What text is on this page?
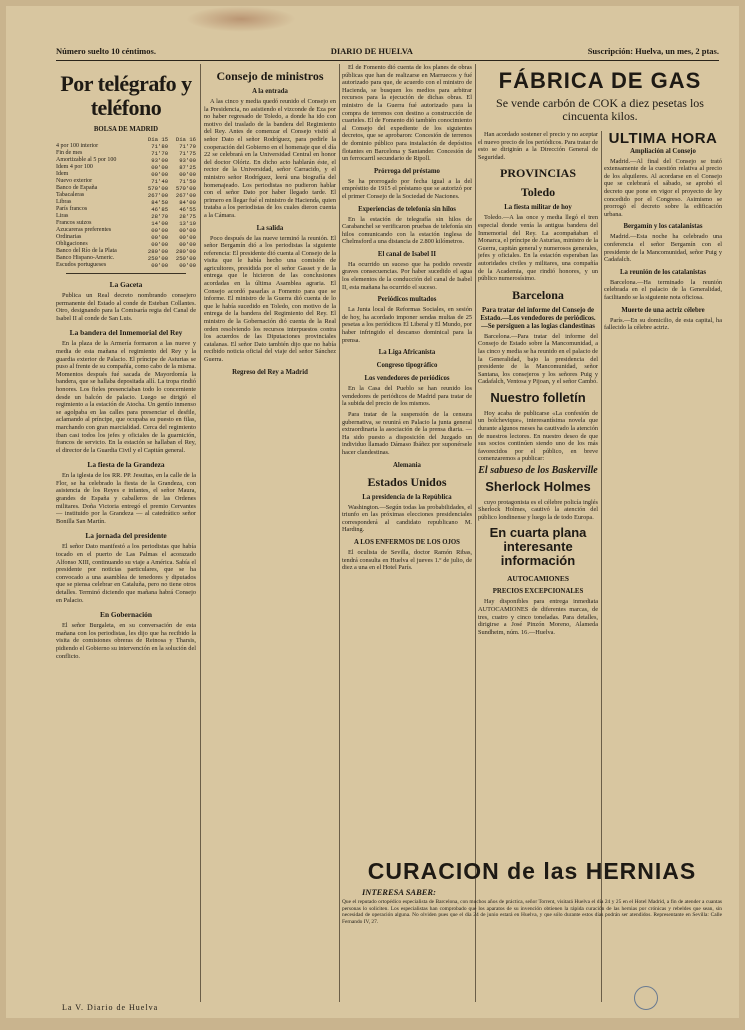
Número suelto 10 céntimos.	DIARIO DE HUELVA	Suscripción: Huelva, un mes, 2 ptas.
Por telégrafo y teléfono
BOLSA DE MADRID
	Día 15	Día 16
4 por 100 interior	71'80	71'70
Fin de mes	71'70	71'75
Amortizable al 5 por 100	93'00	93'00
Idem 4 por 100	00'00	87'25
Idem	00'00	00'00
Nuevo exterior	71'40	71'50
Banco de España	570'00	570'00
Tabacaleras	267'00	267'00
Libras	84'50	84'00
París francos	46'85	46'55
Liras	28'70	28'75
Francos suizos	14'00	13'10
Azucareras preferentes	00'00	00'00
Ordinarias	00'00	00'00
Obligaciones	00'00	00'00
Banco del Río de la Plata	280'00	280'00
Banco Hispano-Americ.	250'00	250'00
Escudos portugueses	00'00	00'00
La Gaceta

Publica un Real decreto nombrando consejero permanente del Estado al conde de Esteban Collantes. Otro, designando para la Comisaría regia del Canal de Isabel II al conde de San Luis.

La bandera del Inmemorial del Rey

En la plaza de la Armería formaron a las nueve y media de esta mañana el regimiento del Rey y la guardia exterior de Palacio. El príncipe de Asturias se puso al frente de su compañía, como cabo de la misma. Momentos después fué sacada de Mayordomía la bandera, que se hallaba depositada allí. La tropa rindió honores. Los fieles presenciaban todo lo concerniente desde un balcón de palacio. Luego se dirigió el regimiento a la estación de Atocha. Un gentío inmenso se agolpaba en las calles para presenciar el desfile, aclamando al príncipe, que ocupaba su puesto en filas, marchando con gran marcialidad. Cerca del regimiento iban casi todos los jefes y oficiales de la guarnición, francos de servicio. En la estación se hallaban el Rey, el director de la Guardia Civil y el Capitán general.

La fiesta de la Grandeza

En la iglesia de los RR. PP. Jesuitas, en la calle de la Flor, se ha celebrado la fiesta de la Grandeza, con asistencia de los Reyes e infantes, el señor Maura, grandes de España y caballeros de las Ordenes militares. Doña Victoria entregó el premio Cervantes — instituido por la Grandeza — al catedrático señor Bonilla San Martín.

La jornada del presidente

El señor Dato manifestó a los periodistas que había tocado en el puerto de Las Palmas el acorazado Alfonso XIII, continuando su viaje a América. Sabía el presidente por noticias particulares, que se ha convocado a una asamblea de tenedores y diputados que se piensa celebrar en Cataluña, pero no tiene otros detalles. Terminó diciendo que mañana habrá Consejo en Palacio.

En Gobernación

El señor Burgaleta, en su conversación de esta mañana con los periodistas, les dijo que ha recibido la visita de comisiones obreras de Reinosa y Tharsis, pidiendo el Gobierno su intervención en la solución del conflicto.

Consejo de ministros
A la entrada

A las cinco y media quedó reunido el Consejo en la Presidencia, no asistiendo el vizconde de Eza por no haber regresado de Toledo, a donde ha ido con motivo del traslado de la bandera del Regimiento del Rey. Antes de comenzar el Consejo visitó al señor Dato el señor Rodríguez, para pedirle la cooperación del Gobierno en el homenaje que el día 22 se celebrará en la Universidad Central en honor del doctor Olóriz. En dicho acto hablarán éste, el rector de la Universidad, señor Carracido, y el ministro señor Rodríguez, leerá una biografía del homenajeado. Los periodistas no pudieron hablar con el señor Dato por haber llegado tarde. El primero en llegar fué el ministro de Hacienda, quien trataba a los periodistas de los cuales dieron cuenta a la Cámara.

La salida

Poco después de las nueve terminó la reunión. El señor Bergamín dió a los periodistas la siguiente referencia: El presidente dió cuenta al Consejo de la visita que le había hecho una comisión de agricultores, presidida por el señor Gasset y de la entrega que le hicieron de las conclusiones acordadas en la última Asamblea agraria. El Consejo acordó pasarlas a Fomento para que se informe. El ministro de la Guerra dió cuenta de lo que le había sucedido en Toledo, con motivo de la entrega de la bandera del Regimiento del Rey. El ministro de la Gobernación dió cuenta de la Real orden resolviendo los recursos interpuestos contra los acuerdos de las Diputaciones provinciales catalanas. El señor Dato también dijo que no había recibido noticia oficial del viaje del señor Sánchez Guerra.

Regreso del Rey a Madrid

El de Fomento dió cuenta de los planes de obras públicas que han de realizarse en Marruecos y fué autorizado para que, de acuerdo con el ministro de Hacienda, se busquen los medios para arbitrar recursos para la ejecución de dichas obras. El ministro de la Guerra fué autorizado para la compra de terrenos con destino a construcción de cuarteles. El de Fomento dió también conocimiento al Consejo del expediente de los siguientes decretos, que se aprobaron: Concesión de terrenos de dominio público para instalación de depósitos flotantes en Barcelona y Santander. Concesión de un ferrocarril secundario de Ripoll.

Prórroga del préstamo

Se ha prorrogado por fecha igual a la del empréstito de 1915 el préstamo que se autorizó por el primer Consejo de la Sociedad de Naciones.

Experiencias de telefonía sin hilos

En la estación de telegrafía sin hilos de Carabanchel se verificaron pruebas de telefonía sin hilos comunicando con la estación inglesa de Chelmsford a una distancia de 2.800 kilómetros.

El canal de Isabel II

Ha ocurrido un suceso que ha podido revestir graves consecuencias. Por haber sucedido el agua los elementos de la conducción del canal de Isabel II, esta mañana ha ocurrido el suceso.

Periódicos multados

La Junta local de Reformas Sociales, en sesión de hoy, ha acordado imponer sendas multas de 25 pesetas a los periódicos El Liberal y El Mundo, por haber infringido el descanso dominical para la prensa.

La Liga Africanista
Congreso tipográfico
Los vendedores de periódicos

En la Casa del Pueblo se han reunido los vendedores de periódicos de Madrid para tratar de la subida del precio de los mismos.

Para tratar de la suspensión de la censura gubernativa, se reunirá en Palacio la junta general extraordinaria la asociación de la prensa diaria. —Ha sido puesto a disposición del Juzgado un individuo llamado Dámaso Ibáñez por suponérsele hacer clandestinas.

Alemania
Estados Unidos
La presidencia de la República

Washington.—Según todas las probabilidades, el triunfo en las próximas elecciones presidenciales corresponderá al candidato republicano M. Harding.

A LOS ENFERMOS DE LOS OJOS

El oculista de Sevilla, doctor Ramón Ribas, tendrá consulta en Huelva el jueves 1.º de julio, de diez a una en el Hotel París.

FÁBRICA DE GAS
Se vende carbón de COK a diez pesetas los cincuenta kilos.

Han acordado sostener el precio y no aceptar el nuevo precio de los periódicos. Para tratar de esto se dirigirán a la Dirección General de Seguridad.

PROVINCIAS
Toledo
La fiesta militar de hoy

Toledo.—A las once y media llegó el tren especial donde venía la antigua bandera del Inmemorial del Rey. La acompañaban el Monarca, el príncipe de Asturias, ministro de la Guerra, capitán general y numerosos generales, jefes y oficiales. En la estación esperaban las autoridades civiles y militares, una compañía de la Academia, que rindió honores, y un público numerosísimo.

Barcelona
Para tratar del informe del Consejo de Estado.—Los vendedores de periódicos.—Se persiguen a las logias clandestinas

Barcelona.—Para tratar del informe del Consejo de Estado sobre la Mancomunidad, a las cinco y media se ha reunido en el palacio de la Generalidad, bajo la presidencia del presidente de la Mancomunidad, señor Santana, los consejeros y los señores Puig y Cadafalch, Ventosa y Pijoan, y el señor Cambó.

Nuestro folletín

Hoy acaba de publicarse «La confesión de un bolchevique», interesantísima novela que durante algunos meses ha cautivado la atención de nuestros lectores. En nuestro deseo de que sus socios continúen siendo uno de los más favorecidos por el público, en breve comenzaremos a publicar:

El sabueso de los Baskerville
Sherlock Holmes

cuyo protagonista es el célebre policía inglés Sherlock Holmes, cautivó la atención del público londinense y luego la de todo Europa.

En cuarta plana interesante información
AUTOCAMIONES
PRECIOS EXCEPCIONALES

Hay disponibles para entrega inmediata AUTOCAMIONES de diferentes marcas, de tres, cuatro y cinco toneladas. Para detalles, dirigirse a José Pinzón Moreno, Alameda Sundheim, núm. 16.—Huelva.

ULTIMA HORA
Ampliación al Consejo

Madrid.—Al final del Consejo se trató extensamente de la cuestión relativa al precio de los alquileres. Al acordarse en el Consejo que se celebrará el sábado, se aprobó el decreto que pone en vigor el proyecto de ley concedido por el Congreso. Asimismo se prorrogó el decreto sobre la edificación urbana.

Bergamín y los catalanistas

Madrid.—Esta noche ha celebrado una conferencia el señor Bergamín con el presidente de la Mancomunidad, señor Puig y Cadafalch.

La reunión de los catalanistas

Barcelona.—Ha terminado la reunión celebrada en el palacio de la Generalidad, facilitando se la siguiente nota oficiosa.

Muerte de una actriz célebre

París.—En su domicilio, de esta capital, ha fallecido la célebre actriz.

CURACION de las HERNIAS
INTERESA SABER:
Que el reputado ortopédico especialista de Barcelona, con muchos años de práctica, señor Torrent, visitará Huelva el día 24 y 25 en el Hotel Madrid, a fin de atender a cuantas personas lo soliciten. Los especialistas han comprobado que los aparatos de su invención obtienen la rápida curación de las hernias por crónicas y rebeldes que sean, sin necesidad de operación alguna. No olviden pues que el día 24 de junio estará en Huelva, y que sólo durante estos días podrán ser atendidos. Representante en Sevilla: Calle Fernando IV, 27.
La V. Diario de Huelva
